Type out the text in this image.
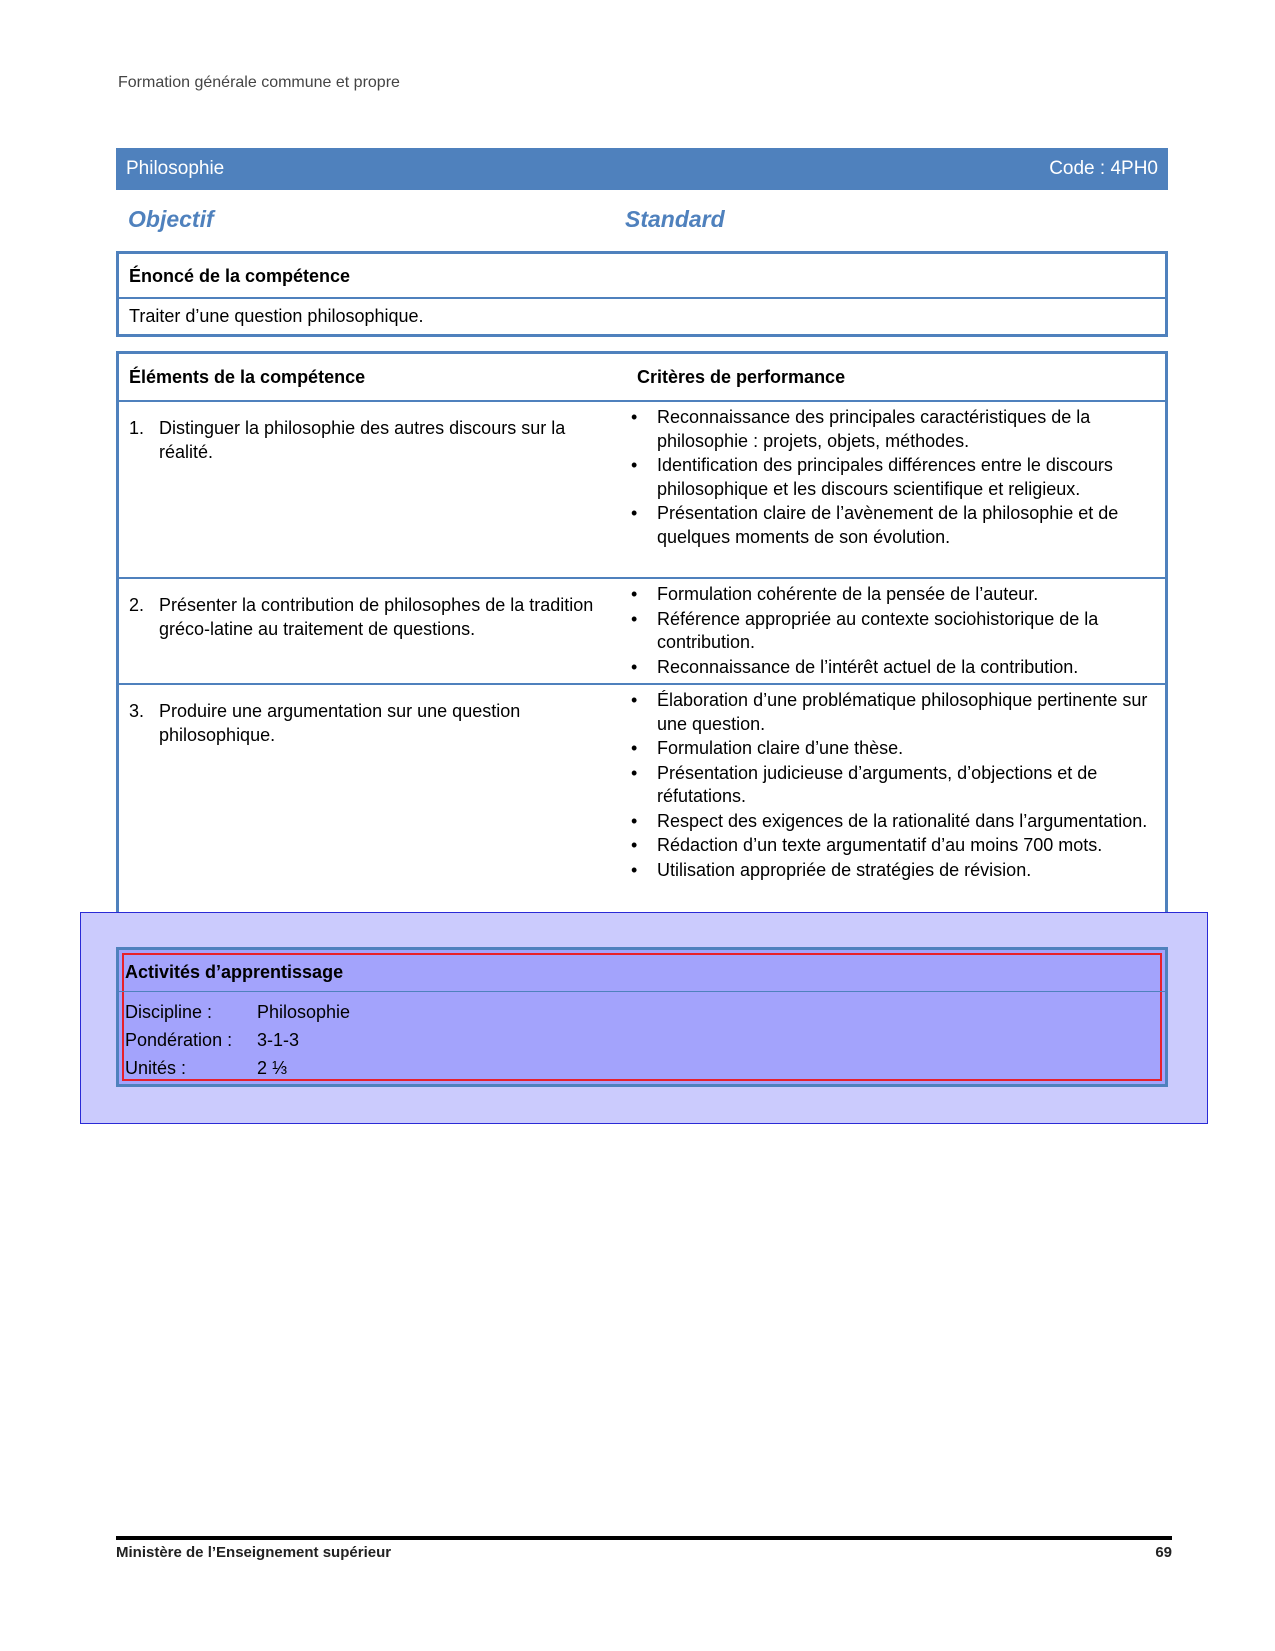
Formation générale commune et propre
Philosophie	Code : 4PH0
Objectif	Standard
Énoncé de la compétence
Traiter d’une question philosophique.
Éléments de la compétence	Critères de performance
1. Distinguer la philosophie des autres discours sur la réalité.
• Reconnaissance des principales caractéristiques de la philosophie : projets, objets, méthodes.
• Identification des principales différences entre le discours philosophique et les discours scientifique et religieux.
• Présentation claire de l’avènement de la philosophie et de quelques moments de son évolution.
2. Présenter la contribution de philosophes de la tradition gréco-latine au traitement de questions.
• Formulation cohérente de la pensée de l’auteur.
• Référence appropriée au contexte sociohistorique de la contribution.
• Reconnaissance de l’intérêt actuel de la contribution.
3. Produire une argumentation sur une question philosophique.
• Élaboration d’une problématique philosophique pertinente sur une question.
• Formulation claire d’une thèse.
• Présentation judicieuse d’arguments, d’objections et de réfutations.
• Respect des exigences de la rationalité dans l’argumentation.
• Rédaction d’un texte argumentatif d’au moins 700 mots.
• Utilisation appropriée de stratégies de révision.
Activités d’apprentissage
Discipline : Philosophie
Pondération : 3-1-3
Unités :	2 ⅓
Ministère de l’Enseignement supérieur	69
